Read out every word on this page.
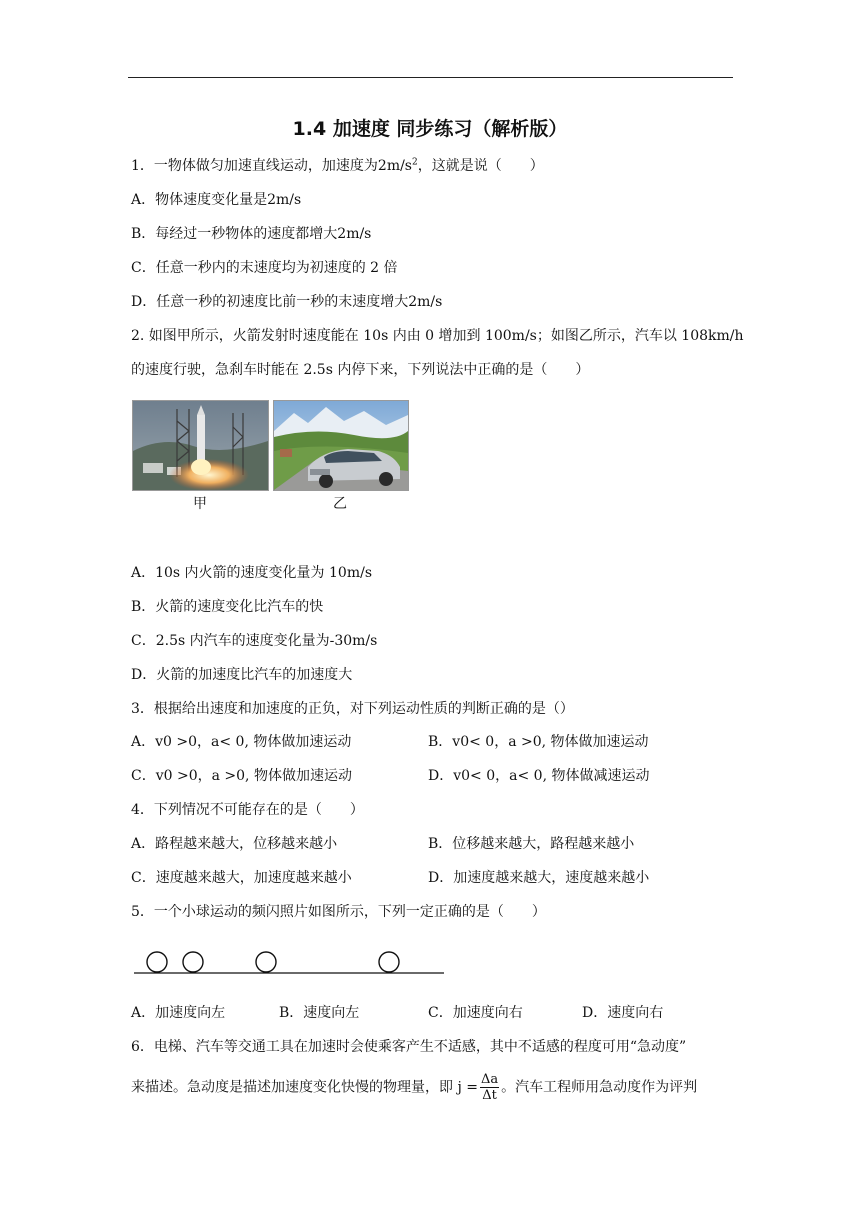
1.4 加速度 同步练习（解析版）
1．一物体做匀加速直线运动，加速度为$2m/s^2$，这就是说（　　）
A．物体速度变化量是2m/s
B．每经过一秒物体的速度都增大2m/s
C．任意一秒内的末速度均为初速度的 2 倍
D．任意一秒的初速度比前一秒的末速度增大2m/s
2. 如图甲所示，火箭发射时速度能在 10s 内由 0 增加到 100m/s；如图乙所示，汽车以 108km/h
的速度行驶，急刹车时能在 2.5s 内停下来，下列说法中正确的是（　　）
甲	乙
A．10s 内火箭的速度变化量为 10m/s
B．火箭的速度变化比汽车的快
C．2.5s 内汽车的速度变化量为-30m/s
D．火箭的加速度比汽车的加速度大
3．根据给出速度和加速度的正负，对下列运动性质的判断正确的是（）
A．v0 >0，a< 0, 物体做加速运动	B．v0< 0，a >0, 物体做加速运动
C．v0 >0，a >0, 物体做加速运动	D．v0< 0，a< 0, 物体做减速运动
4．下列情况不可能存在的是（　　）
A．路程越来越大，位移越来越小	B．位移越来越大，路程越来越小
C．速度越来越大，加速度越来越小	D．加速度越来越大，速度越来越小
5．一个小球运动的频闪照片如图所示，下列一定正确的是（　　）
A．加速度向左	B．速度向左	C．加速度向右	D．速度向右
6．电梯、汽车等交通工具在加速时会使乘客产生不适感，其中不适感的程度可用“急动度”
来描述。急动度是描述加速度变化快慢的物理量，即 $j = \frac{\Delta a}{\Delta t}$ 。汽车工程师用急动度作为评判
